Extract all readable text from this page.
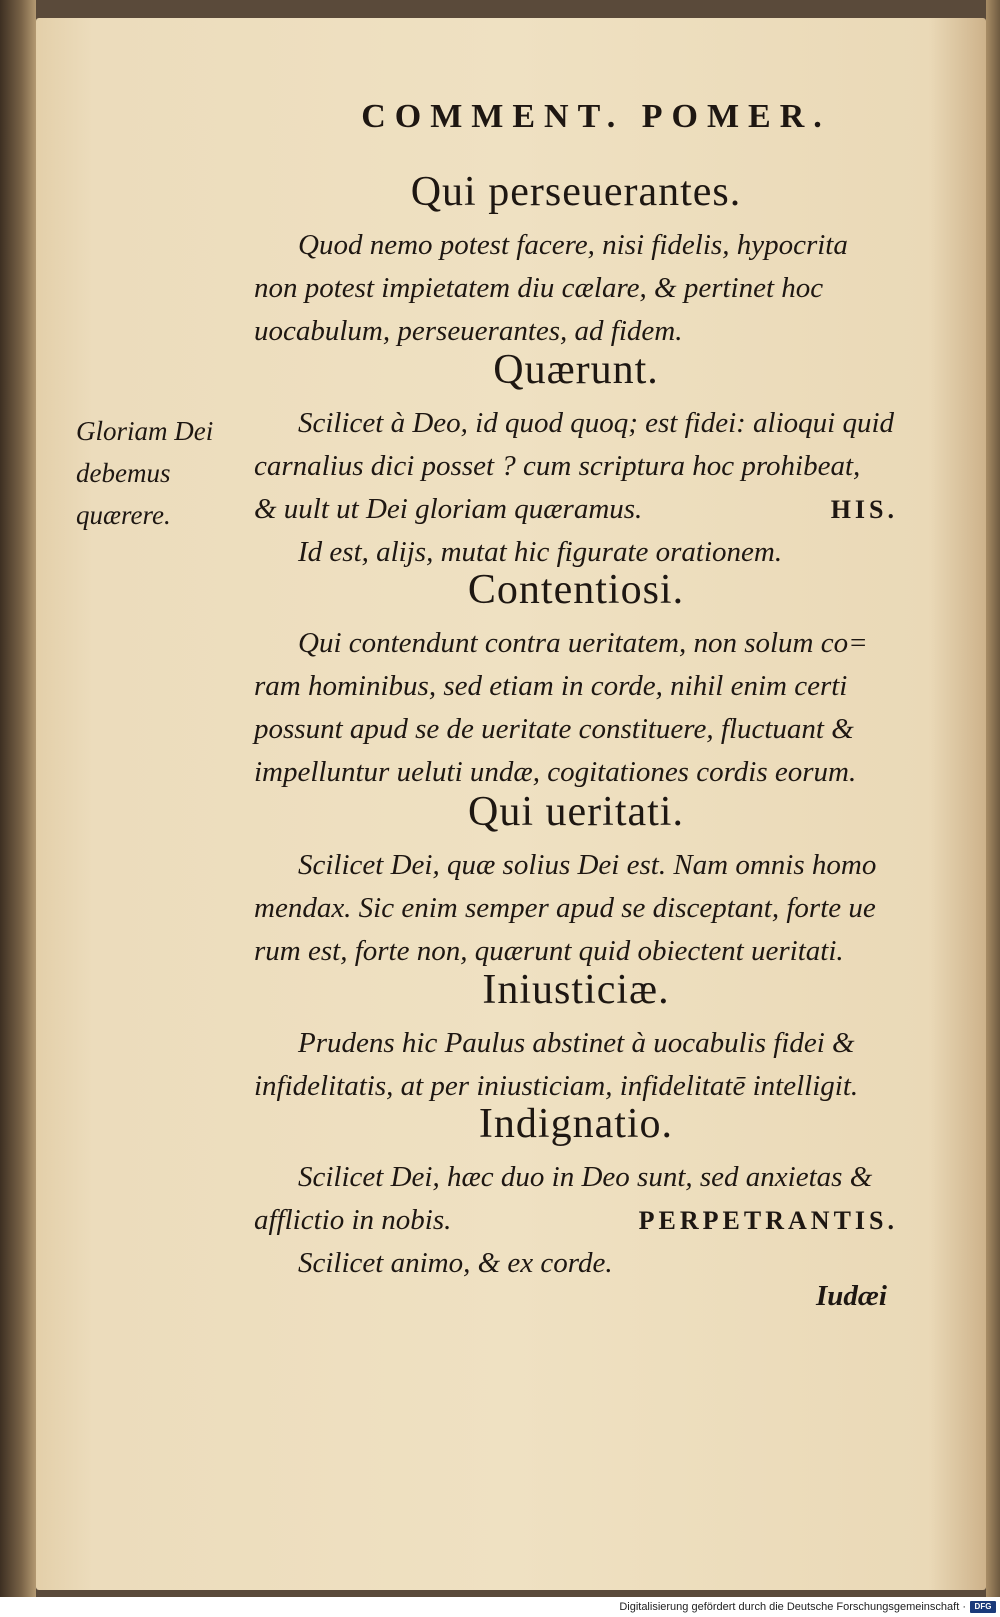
COMMENT. POMER.
Qui perseuerantes.
Quod nemo potest facere, nisi fidelis, hypocrita
non potest impietatem diu cælare, & pertinet hoc
uocabulum, perseuerantes, ad fidem.
Quærunt.
Scilicet à Deo, id quod quoq; est fidei: alioqui quid
carnalius dici posset ? cum scriptura hoc prohibeat,
& uult ut Dei gloriam quæramus.	HIS.
Id est, alijs, mutat hic figurate orationem.
Gloriam Dei
debemus
quærere.
Contentiosi.
Qui contendunt contra ueritatem, non solum co=
ram hominibus, sed etiam in corde, nihil enim certi
possunt apud se de ueritate constituere, fluctuant &
impelluntur ueluti undæ, cogitationes cordis eorum.
Qui ueritati.
Scilicet Dei, quæ solius Dei est. Nam omnis homo
mendax. Sic enim semper apud se disceptant, forte ue
rum est, forte non, quærunt quid obiectent ueritati.
Iniusticiæ.
Prudens hic Paulus abstinet à uocabulis fidei &
infidelitatis, at per iniusticiam, infidelitatē intelligit.
Indignatio.
Scilicet Dei, hæc duo in Deo sunt, sed anxietas &
afflictio in nobis.	PERPETRANTIS.
Scilicet animo, & ex corde.
Iudæi
Digitalisierung gefördert durch die Deutsche Forschungsgemeinschaft ·	DFG
